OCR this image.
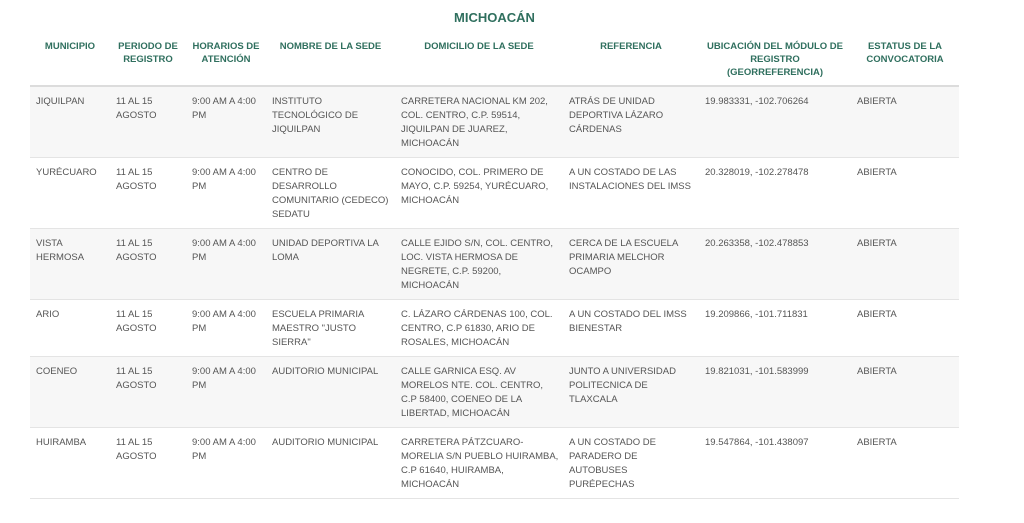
MICHOACÁN
MUNICIPIO	PERIODO DE REGISTRO	HORARIOS DE ATENCIÓN	NOMBRE DE LA SEDE	DOMICILIO DE LA SEDE	REFERENCIA	UBICACIÓN DEL MÓDULO DE REGISTRO (GEORREFERENCIA)	ESTATUS DE LA CONVOCATORIA
JIQUILPAN	11 AL 15 AGOSTO	9:00 AM A 4:00 PM	INSTITUTO TECNOLÓGICO DE JIQUILPAN	CARRETERA NACIONAL KM 202, COL. CENTRO, C.P. 59514, JIQUILPAN DE JUAREZ, MICHOACÁN	ATRÁS DE UNIDAD DEPORTIVA LÁZARO CÁRDENAS	19.983331, -102.706264	ABIERTA
YURÉCUARO	11 AL 15 AGOSTO	9:00 AM A 4:00 PM	CENTRO DE DESARROLLO COMUNITARIO (CEDECO) SEDATU	CONOCIDO, COL. PRIMERO DE MAYO, C.P. 59254, YURÉCUARO, MICHOACÁN	A UN COSTADO DE LAS INSTALACIONES DEL IMSS	20.328019, -102.278478	ABIERTA
VISTA HERMOSA	11 AL 15 AGOSTO	9:00 AM A 4:00 PM	UNIDAD DEPORTIVA LA LOMA	CALLE EJIDO S/N, COL. CENTRO, LOC. VISTA HERMOSA DE NEGRETE, C.P. 59200, MICHOACÁN	CERCA DE LA ESCUELA PRIMARIA MELCHOR OCAMPO	20.263358, -102.478853	ABIERTA
ARIO	11 AL 15 AGOSTO	9:00 AM A 4:00 PM	ESCUELA PRIMARIA MAESTRO "JUSTO SIERRA"	C. LÁZARO CÁRDENAS 100, COL. CENTRO, C.P 61830, ARIO DE ROSALES, MICHOACÁN	A UN COSTADO DEL IMSS BIENESTAR	19.209866, -101.711831	ABIERTA
COENEO	11 AL 15 AGOSTO	9:00 AM A 4:00 PM	AUDITORIO MUNICIPAL	CALLE GARNICA ESQ. AV MORELOS NTE. COL. CENTRO, C.P 58400, COENEO DE LA LIBERTAD, MICHOACÁN	JUNTO A UNIVERSIDAD POLITECNICA DE TLAXCALA	19.821031, -101.583999	ABIERTA
HUIRAMBA	11 AL 15 AGOSTO	9:00 AM A 4:00 PM	AUDITORIO MUNICIPAL	CARRETERA PÁTZCUARO-MORELIA S/N PUEBLO HUIRAMBA, C.P 61640, HUIRAMBA, MICHOACÁN	A UN COSTADO DE PARADERO DE AUTOBUSES PURÉPECHAS	19.547864, -101.438097	ABIERTA
